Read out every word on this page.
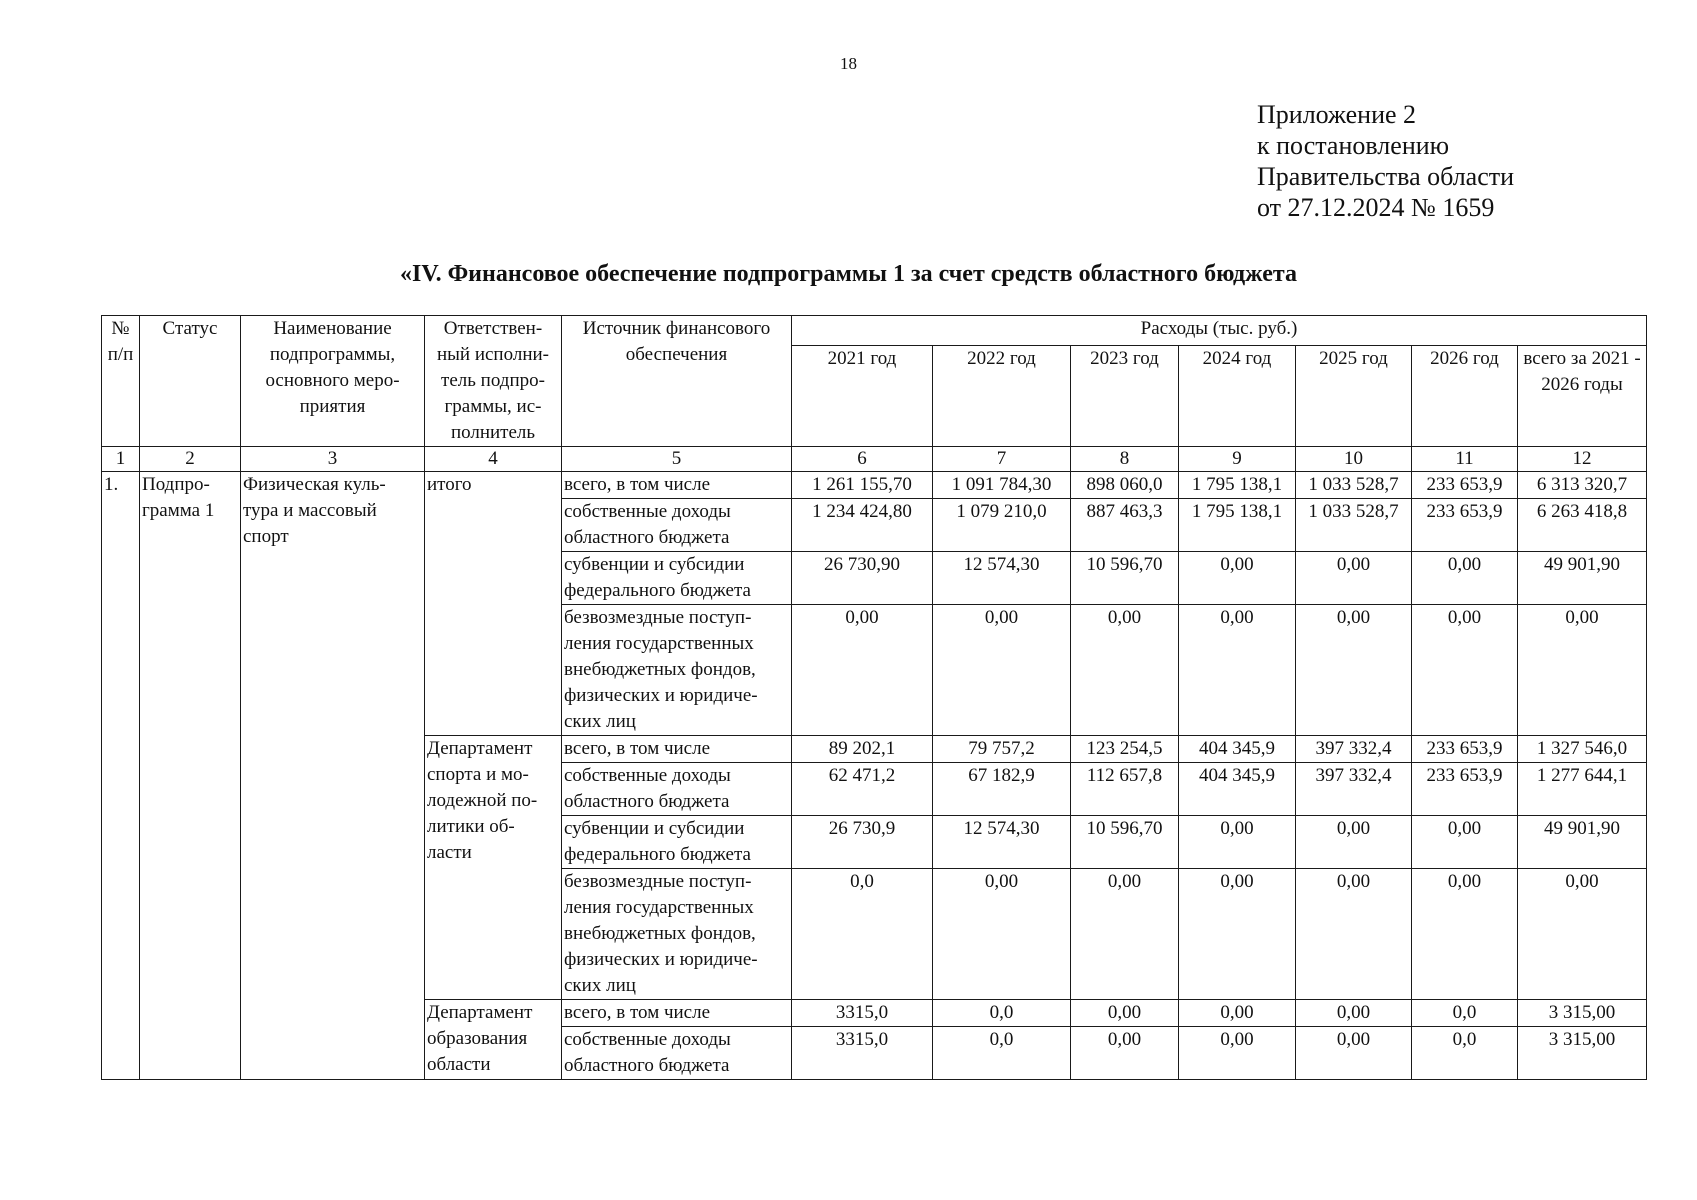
18
Приложение 2
к постановлению
Правительства области
от 27.12.2024 № 1659
«IV. Финансовое обеспечение подпрограммы 1 за счет средств областного бюджета
№ п/п	Статус	Наименование подпрограммы, основного меро- приятия	Ответствен- ный исполни- тель подпро- граммы, ис- полнитель	Источник финансового обеспечения	Расходы (тыс. руб.)						
					2021 год	2022 год	2023 год	2024 год	2025 год	2026 год	всего за 2021 - 2026 годы
1	2	3	4	5	6	7	8	9	10	11	12
1.	Подпро- грамма 1	Физическая куль- тура и массовый спорт	итого	всего, в том числе	1 261 155,70	1 091 784,30	898 060,0	1 795 138,1	1 033 528,7	233 653,9	6 313 320,7
				собственные доходы областного бюджета	1 234 424,80	1 079 210,0	887 463,3	1 795 138,1	1 033 528,7	233 653,9	6 263 418,8
				субвенции и субсидии федерального бюджета	26 730,90	12 574,30	10 596,70	0,00	0,00	0,00	49 901,90
				безвозмездные поступ- ления государственных внебюджетных фондов, физических и юридиче- ских лиц	0,00	0,00	0,00	0,00	0,00	0,00	0,00
			Департамент спорта и мо- лодежной по- литики об- ласти	всего, в том числе	89 202,1	79 757,2	123 254,5	404 345,9	397 332,4	233 653,9	1 327 546,0
				собственные доходы областного бюджета	62 471,2	67 182,9	112 657,8	404 345,9	397 332,4	233 653,9	1 277 644,1
				субвенции и субсидии федерального бюджета	26 730,9	12 574,30	10 596,70	0,00	0,00	0,00	49 901,90
				безвозмездные поступ- ления государственных внебюджетных фондов, физических и юридиче- ских лиц	0,0	0,00	0,00	0,00	0,00	0,00	0,00
			Департамент образования области	всего, в том числе	3315,0	0,0	0,00	0,00	0,00	0,0	3 315,00
				собственные доходы областного бюджета	3315,0	0,0	0,00	0,00	0,00	0,0	3 315,00
